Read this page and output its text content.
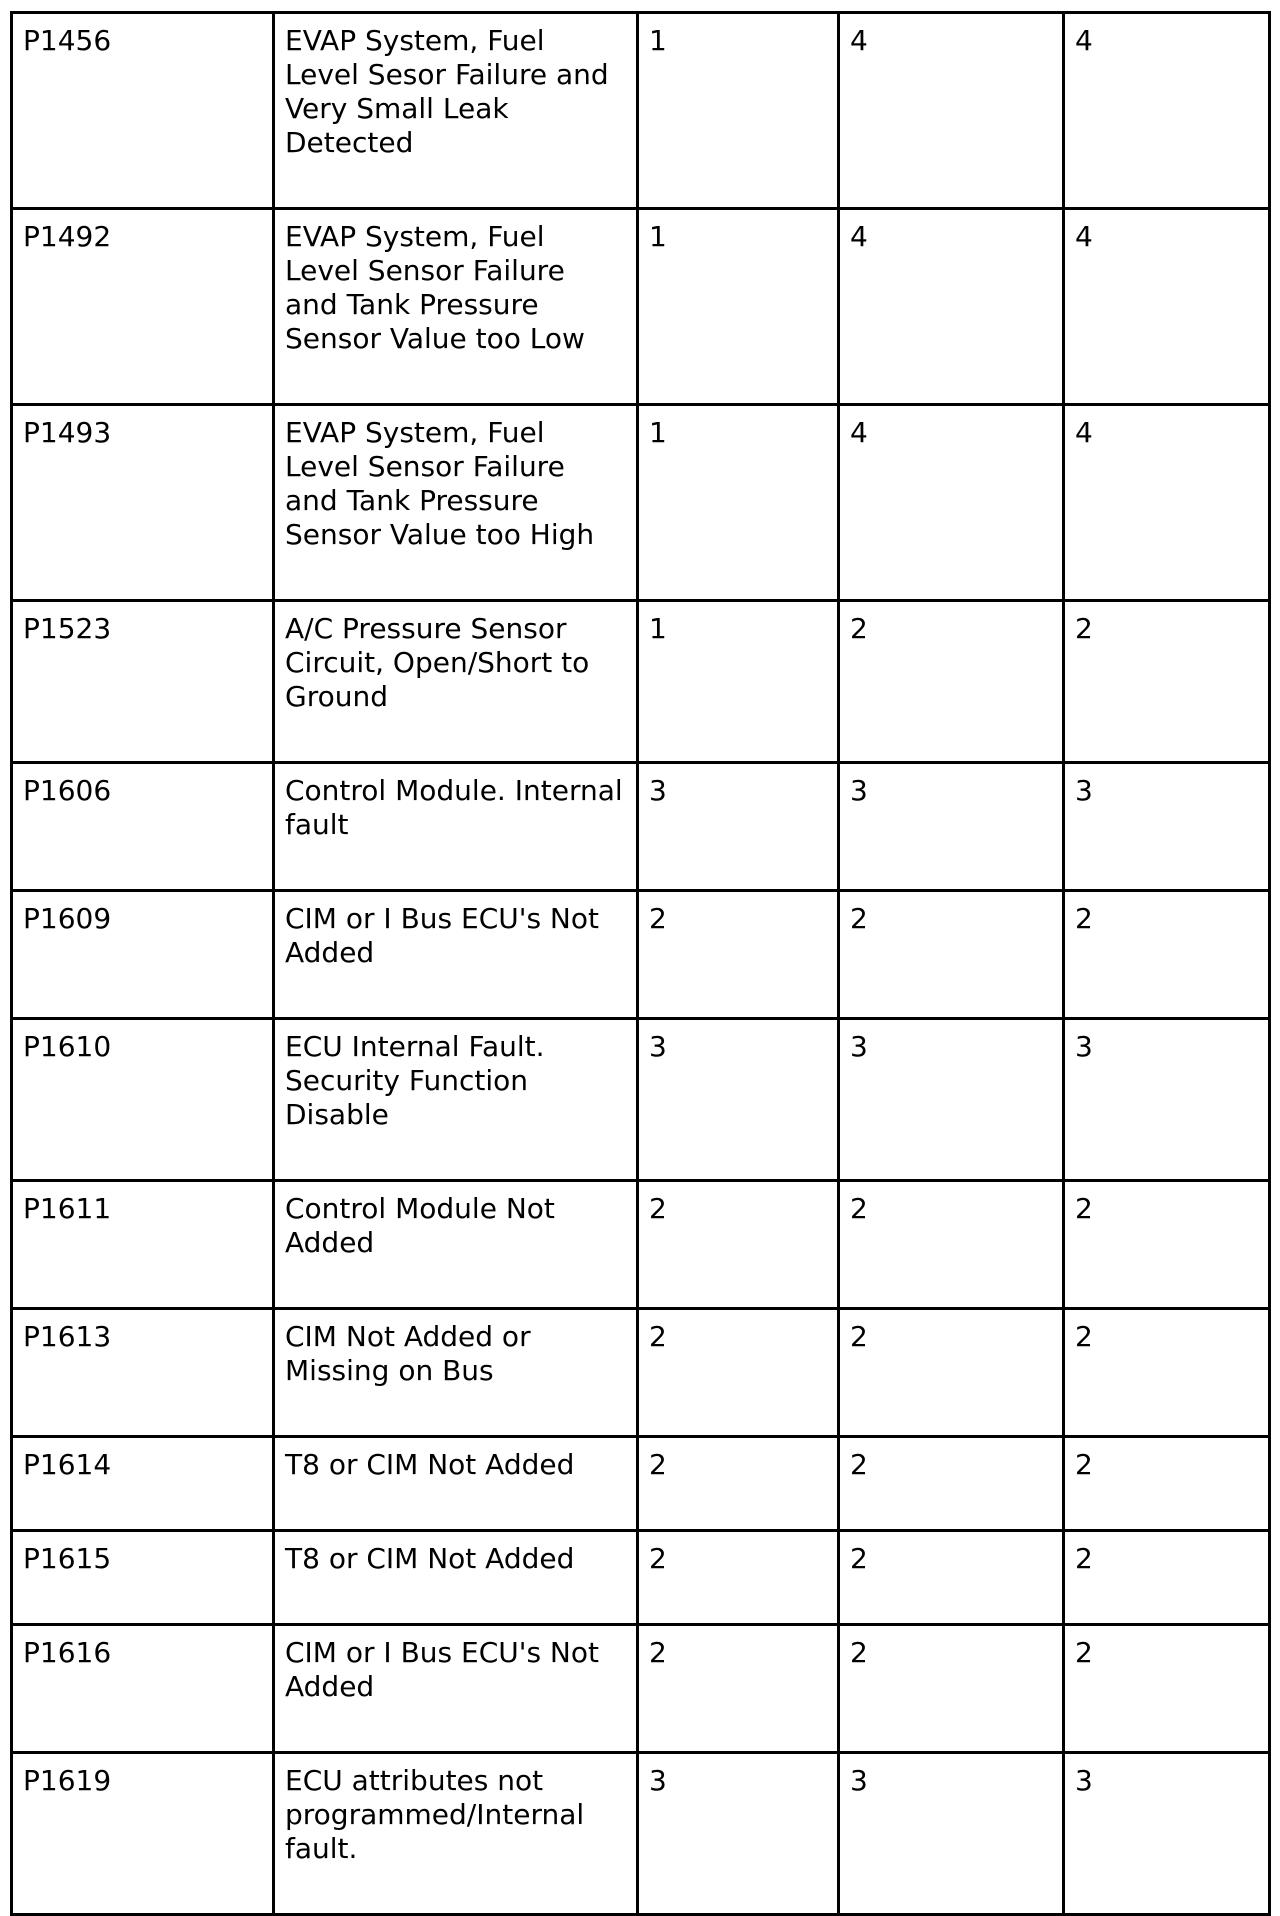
P1456	EVAP System, Fuel Level Sesor Failure and Very Small Leak Detected	1	4	4
P1492	EVAP System, Fuel Level Sensor Failure and Tank Pressure Sensor Value too Low	1	4	4
P1493	EVAP System, Fuel Level Sensor Failure and Tank Pressure Sensor Value too High	1	4	4
P1523	A/C Pressure Sensor Circuit, Open/Short to Ground	1	2	2
P1606	Control Module. Internal fault	3	3	3
P1609	CIM or I Bus ECU's Not Added	2	2	2
P1610	ECU Internal Fault. Security Function Disable	3	3	3
P1611	Control Module Not Added	2	2	2
P1613	CIM Not Added or Missing on Bus	2	2	2
P1614	T8 or CIM Not Added	2	2	2
P1615	T8 or CIM Not Added	2	2	2
P1616	CIM or I Bus ECU's Not Added	2	2	2
P1619	ECU attributes not programmed/Internal fault.	3	3	3
